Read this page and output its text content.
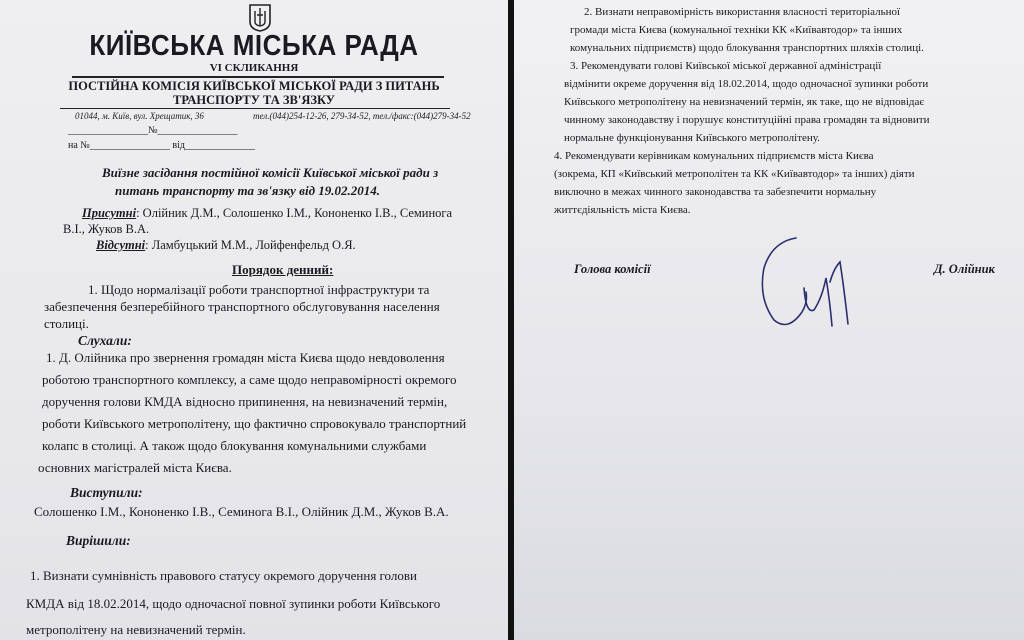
КИЇВСЬКА МІСЬКА РАДА
VI СКЛИКАННЯ
ПОСТІЙНА КОМІСІЯ КИЇВСЬКОЇ МІСЬКОЇ РАДИ З ПИТАНЬ
ТРАНСПОРТУ ТА ЗВ'ЯЗКУ
01044, м. Київ, вул. Хрещатик, 36	тел.(044)254-12-26, 279-34-52, тел./факс:(044)279-34-52
________________№________________
на №________________ від______________
Виїзне засідання постійної комісії Київської міської ради з
питань транспорту та зв'язку від 19.02.2014.
Присутні: Олійник Д.М., Солошенко І.М., Кононенко І.В., Семинога
В.І., Жуков В.А.
Відсутні: Ламбуцький М.М., Лойфенфельд О.Я.
Порядок денний:
1. Щодо нормалізації роботи транспортної інфраструктури та
забезпечення безперебійного транспортного обслуговування населення
столиці.
Слухали:
1. Д. Олійника про звернення громадян міста Києва щодо невдоволення
роботою транспортного комплексу, а саме щодо неправомірності окремого
доручення голови КМДА відносно припинення, на невизначений термін,
роботи Київського метрополітену, що фактично спровокувало транспортний
колапс в столиці. А також щодо блокування комунальними службами
основних магістралей міста Києва.
Виступили:
Солошенко І.М., Кононенко І.В., Семинога В.І., Олійник Д.М., Жуков В.А.
Вирішили:
1. Визнати сумнівність правового статусу окремого доручення голови
КМДА від 18.02.2014, щодо одночасної повної зупинки роботи Київського
метрополітену на невизначений термін.
2. Визнати неправомірність використання власності територіальної
громади міста Києва (комунальної техніки КК «Київавтодор» та інших
комунальних підприємств) щодо блокування транспортних шляхів столиці.
3. Рекомендувати голові Київської міської державної адміністрації
відмінити окреме доручення від 18.02.2014, щодо одночасної зупинки роботи
Київського метрополітену на невизначений термін, як таке, що не відповідає
чинному законодавству і порушує конституційні права громадян та відновити
нормальне функціонування Київського метрополітену.
4. Рекомендувати керівникам комунальних підприємств міста Києва
(зокрема, КП «Київський метрополітен та КК «Київавтодор» та інших) діяти
виключно в межах чинного законодавства та забезпечити нормальну
життєдіяльність міста Києва.
Голова комісії	Д. Олійник
